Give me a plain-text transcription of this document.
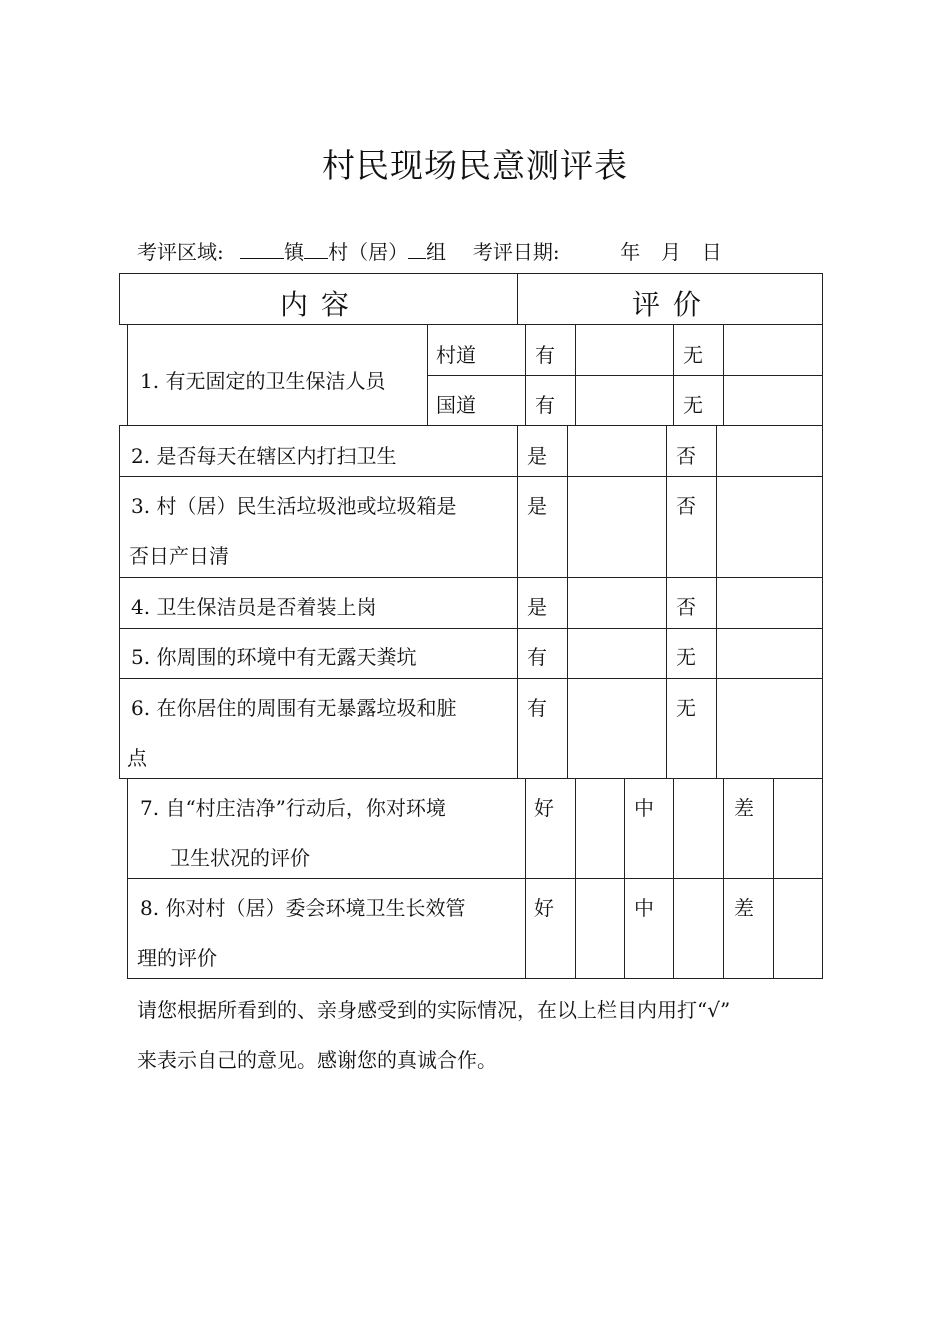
村民现场民意测评表
考评区域:	镇 村（居） 组 考评日期:	年 月 日
内 容	评 价
1. 有无固定的卫生保洁人员
村道	有	无
国道	有	无
2. 是否每天在辖区内打扫卫生	是	否
3. 村（居）民生活垃圾池或垃圾箱是
否日产日清
是	否
4. 卫生保洁员是否着装上岗	是	否
5. 你周围的环境中有无露天粪坑	有	无
6. 在你居住的周围有无暴露垃圾和脏
点
有	无
7. 自“村庄洁净”行动后，你对环境
卫生状况的评价
好	中	差
8. 你对村（居）委会环境卫生长效管
理的评价
好	中	差
请您根据所看到的、亲身感受到的实际情况，在以上栏目内用打“√”
来表示自己的意见。感谢您的真诚合作。
